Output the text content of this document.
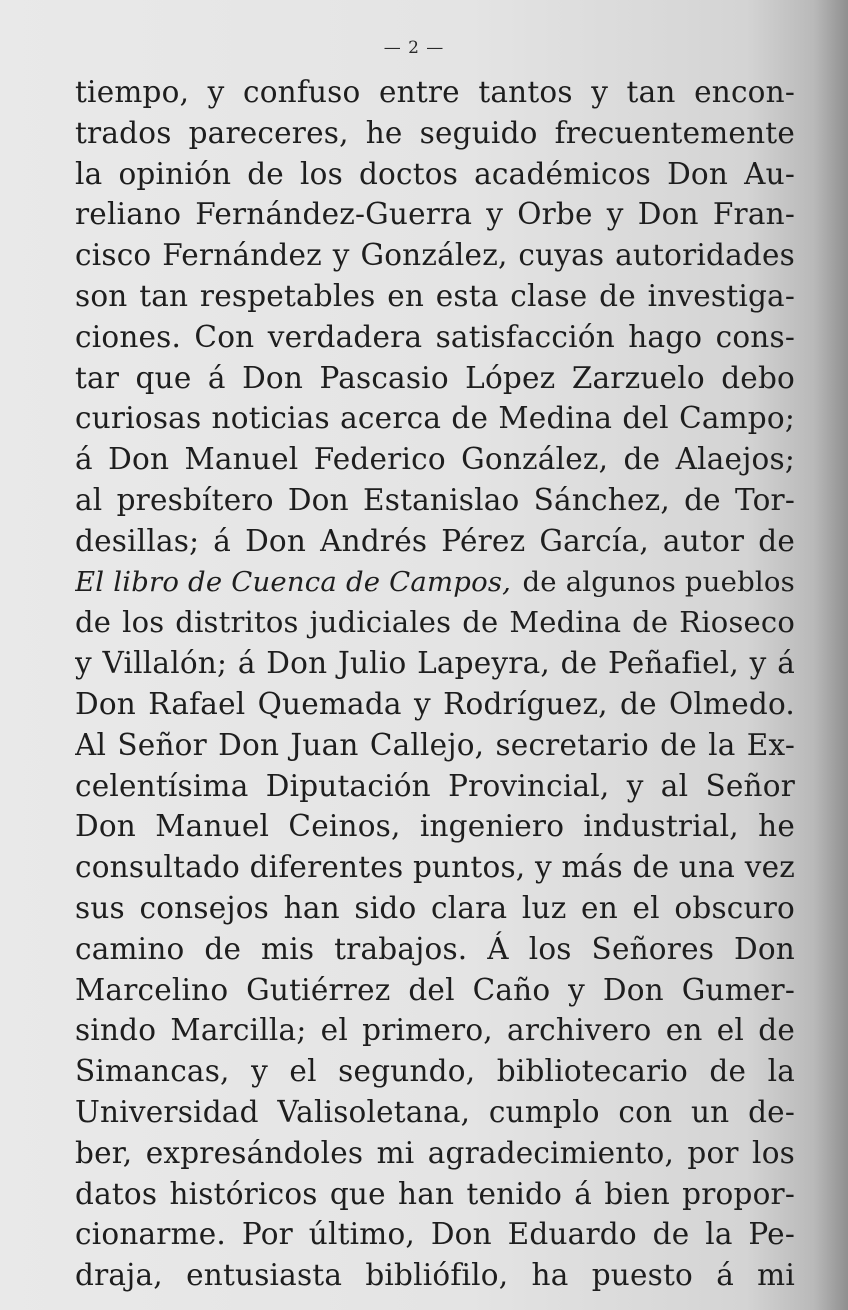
— 2 —
tiempo, y confuso entre tantos y tan encon-
trados pareceres, he seguido frecuentemente
la opinión de los doctos académicos Don Au-
reliano Fernández-Guerra y Orbe y Don Fran-
cisco Fernández y González, cuyas autoridades
son tan respetables en esta clase de investiga-
ciones. Con verdadera satisfacción hago cons-
tar que á Don Pascasio López Zarzuelo debo
curiosas noticias acerca de Medina del Campo;
á Don Manuel Federico González, de Alaejos;
al presbítero Don Estanislao Sánchez, de Tor-
desillas; á Don Andrés Pérez García, autor de
El libro de Cuenca de Campos, de algunos pueblos
de los distritos judiciales de Medina de Rioseco
y Villalón; á Don Julio Lapeyra, de Peñafiel, y á
Don Rafael Quemada y Rodríguez, de Olmedo.
Al Señor Don Juan Callejo, secretario de la Ex-
celentísima Diputación Provincial, y al Señor
Don Manuel Ceinos, ingeniero industrial, he
consultado diferentes puntos, y más de una vez
sus consejos han sido clara luz en el obscuro
camino de mis trabajos. Á los Señores Don
Marcelino Gutiérrez del Caño y Don Gumer-
sindo Marcilla; el primero, archivero en el de
Simancas, y el segundo, bibliotecario de la
Universidad Valisoletana, cumplo con un de-
ber, expresándoles mi agradecimiento, por los
datos históricos que han tenido á bien propor-
cionarme. Por último, Don Eduardo de la Pe-
draja, entusiasta bibliófilo, ha puesto á mi
